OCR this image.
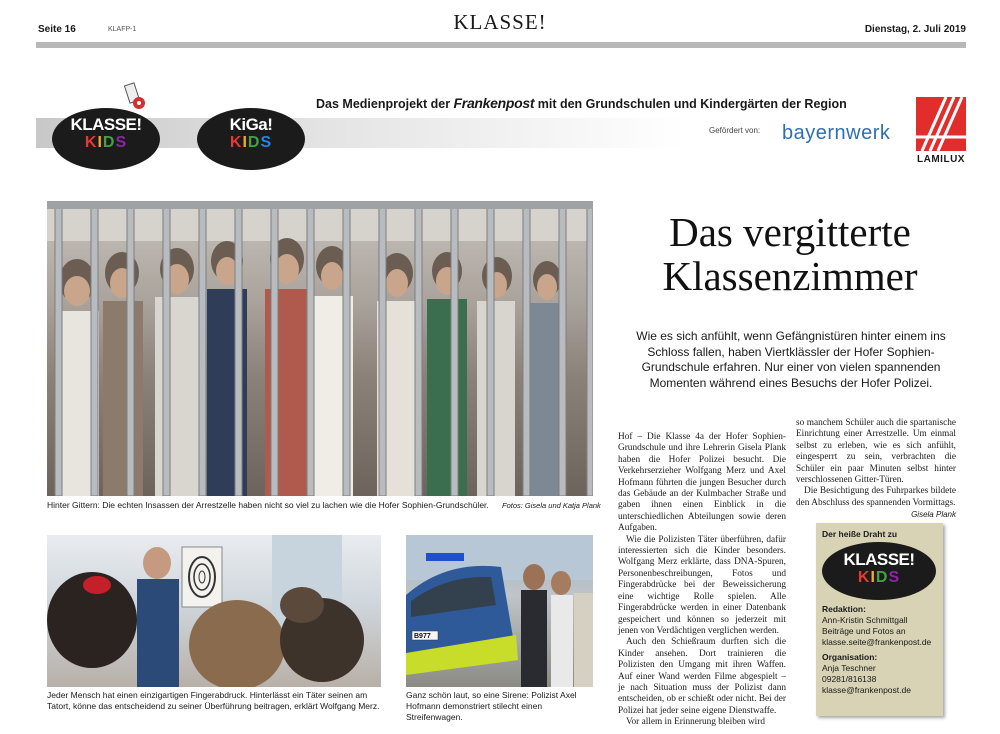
Seite 16	KLAFP-1	KLASSE!	Dienstag, 2. Juli 2019
Das Medienprojekt der Frankenpost mit den Grundschulen und Kindergärten der Region
KLASSE!
KIDS
KiGa!
KIDS
Gefördert von: bayernwerk
LAMILUX
Hinter Gittern: Die echten Insassen der Arrestzelle haben nicht so viel zu lachen wie die Hofer Sophien-Grundschüler. Fotos: Gisela und Katja Plank
Das vergitterte
Klassenzimmer
Wie es sich anfühlt, wenn Gefängnistüren hinter einem ins Schloss fallen, haben Viertklässler der Hofer Sophien-Grundschule erfahren. Nur einer von vielen spannenden Momenten während eines Besuchs der Hofer Polizei.

Hof – Die Klasse 4a der Hofer Sophien-Grundschule und ihre Lehrerin Gisela Plank haben die Hofer Polizei besucht. Die Verkehrserzieher Wolfgang Merz und Axel Hofmann führten die jungen Besucher durch das Gebäude an der Kulmbacher Straße und gaben ihnen einen Einblick in die unterschiedlichen Abteilungen sowie deren Aufgaben.

Wie die Polizisten Täter überführen, dafür interessierten sich die Kinder besonders. Wolfgang Merz erklärte, dass DNA-Spuren, Personenbeschreibungen, Fotos und Fingerabdrücke bei der Beweissicherung eine wichtige Rolle spielen. Alle Fingerabdrücke werden in einer Datenbank gespeichert und können so jederzeit mit jenen von Verdächtigen verglichen werden.

Auch den Schießraum durften sich die Kinder ansehen. Dort trainieren die Polizisten den Umgang mit ihren Waffen. Auf einer Wand werden Filme abgespielt – je nach Situation muss der Polizist dann entscheiden, ob er schießt oder nicht. Bei der Polizei hat jeder seine eigene Dienstwaffe.

Vor allem in Erinnerung bleiben wird

so manchem Schüler auch die spartanische Einrichtung einer Arrestzelle. Um einmal selbst zu erleben, wie es sich anfühlt, eingesperrt zu sein, verbrachten die Schüler ein paar Minuten selbst hinter verschlossenen Gitter-Türen.

Die Besichtigung des Fuhrparkes bildete den Abschluss des spannenden Vormittags.

Gisela Plank
Jeder Mensch hat einen einzigartigen Fingerabdruck. Hinterlässt ein Täter seinen am Tatort, könne das entscheidend zu seiner Überführung beitragen, erklärt Wolfgang Merz.
B977
Ganz schön laut, so eine Sirene: Polizist Axel Hofmann demonstriert stilecht einen Streifenwagen.
Der heiße Draht zu
KLASSE!
KIDS
Redaktion:
Ann-Kristin Schmittgall
Beiträge und Fotos an
klasse.seite@frankenpost.de
Organisation:
Anja Teschner
09281/816138
klasse@frankenpost.de
